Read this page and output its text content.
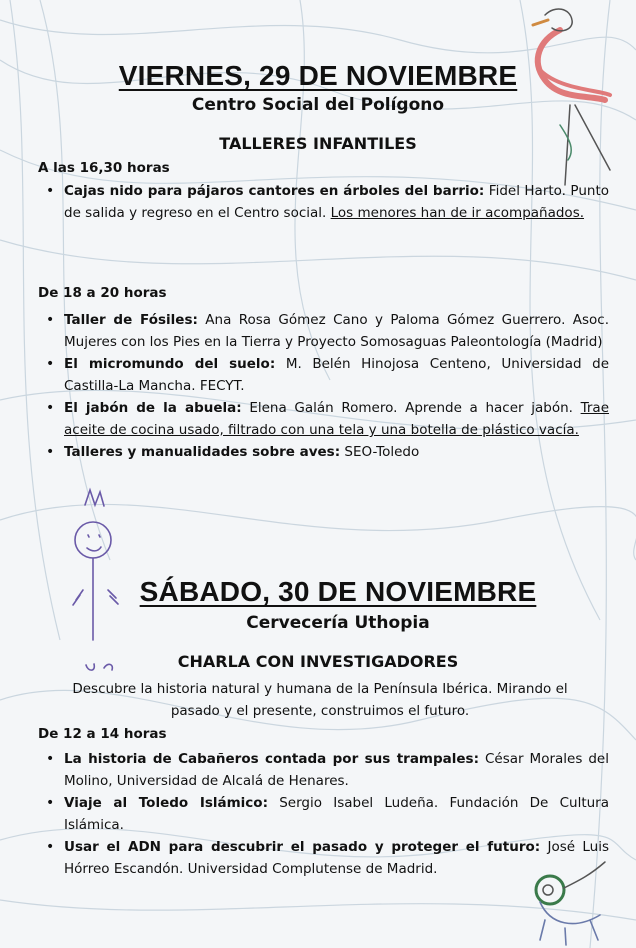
VIERNES, 29 DE NOVIEMBRE
Centro Social del Polígono
TALLERES INFANTILES
A las 16,30 horas
• Cajas nido para pájaros cantores en árboles del barrio: Fidel Harto. Punto de salida y regreso en el Centro social. Los menores han de ir acompañados.
De 18 a 20 horas
• Taller de Fósiles: Ana Rosa Gómez Cano y Paloma Gómez Guerrero. Asoc. Mujeres con los Pies en la Tierra y Proyecto Somosaguas Paleontología (Madrid)
• El micromundo del suelo: M. Belén Hinojosa Centeno, Universidad de Castilla-La Mancha. FECYT.
• El jabón de la abuela: Elena Galán Romero. Aprende a hacer jabón. Trae aceite de cocina usado, filtrado con una tela y una botella de plástico vacía.
• Talleres y manualidades sobre aves: SEO-Toledo
SÁBADO, 30 DE NOVIEMBRE
Cervecería Uthopia
CHARLA CON INVESTIGADORES
Descubre la historia natural y humana de la Península Ibérica. Mirando el pasado y el presente, construimos el futuro.
De 12 a 14 horas
• La historia de Cabañeros contada por sus trampales: César Morales del Molino, Universidad de Alcalá de Henares.
• Viaje al Toledo Islámico: Sergio Isabel Ludeña. Fundación De Cultura Islámica.
• Usar el ADN para descubrir el pasado y proteger el futuro: José Luis Hórreo Escandón. Universidad Complutense de Madrid.
